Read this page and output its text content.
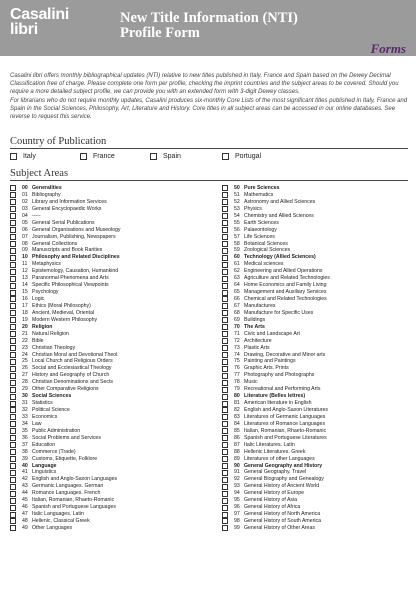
Casalini
libri
New Title Information (NTI)
Profile Form
Forms

Casalini libri offers monthly bibliographical updates (NTI) relative to new titles published in Italy, France and Spain based on the Dewey Decimal Classification free of charge. Please complete one form per profile, checking the imprint countries and the subject areas to be covered. Should you require a more detailed subject profile, we can provide you with an extended form with 3-digit Dewey classes.

For librarians who do not require monthly updates, Casalini produces six-monthly Core Lists of the most significant titles published in Italy, France and Spain in the Social Sciences, Philosophy, Art, Literature and History. Core titles in all subject areas can be accessed in our online databases. See reverse to request this service.

Country of Publication
Italy	France	Spain	Portugal
Subject Areas
00 Generalities
01 Bibliography
02 Library and Information Services
03 General Encyclopaedic Works
04 -----
05 General Serial Publications
06 General Organisations and Museology
07 Journalism, Publishing, Newspapers
08 General Collections
09 Manuscripts and Book Rarities
10 Philosophy and Related Disciplines
11 Metaphysics
12 Epistemology, Causation, Humankind
13 Paranormal Phenomena and Arts
14 Specific Philosophical Viewpoints
15 Psychology
16 Logic
17 Ethics (Moral Philosophy)
18 Ancient, Medieval, Oriental
19 Modern Western Philosophy
20 Religion
21 Natural Religion
22 Bible
23 Christian Theology
24 Christian Moral and Devotional Theol.
25 Local Church and Religious Orders
26 Social and Ecclesiastical Theology
27 History and Geography of Church
28 Christian Denominations and Sects
29 Other Comparative Religions
30 Social Sciences
31 Statistics
32 Political Science
33 Economics
34 Law
35 Public Administration
36 Social Problems and Services
37 Education
38 Commerce (Trade)
39 Customs, Etiquette, Folklore
40 Language
41 Linguistics
42 English and Anglo-Saxon Languages
43 Germanic Languages. German
44 Romance Languages. French
45 Italian, Romanian, Rhaeto-Romanic
46 Spanish and Portuguese Languages
47 Italic Languages. Latin
48 Hellenic, Classical Greek
49 Other Languages
50 Pure Sciences
51 Mathematics
52 Astronomy and Allied Sciences
53 Physics
54 Chemistry and Allied Sciences
55 Earth Sciences
56 Palaeontology
57 Life Sciences
58 Botanical Sciences
59 Zoological Sciences
60 Technology (Allied Sciences)
61 Medical sciences
62 Engineering and Allied Operations
63 Agriculture and Related Technologies
64 Home Economics and Family Living
65 Management and Auxiliary Services
66 Chemical and Related Technologies
67 Manufactures
68 Manufacture for Specific Uses
69 Buildings
70 The Arts
71 Civic and Landscape Art
72 Architecture
73 Plastic Arts
74 Drawing, Decorative and Minor arts
75 Painting and Paintings
76 Graphic Arts. Prints
77 Photography and Photographs
78 Music
79 Recreational and Performing Arts
80 Literature (Belles lettres)
81 American literature in English
82 English and Anglo-Saxon Literatures
83 Literatures of Germanic Languages
84 Literatures of Romance Languages
85 Italian, Romanian, Rhaeto-Romanic
86 Spanish and Portuguese Literatures
87 Italic Literatures. Latin
88 Hellenic Literatures. Greek
89 Literatures of other Languages
90 General Geography and History
91 General Geography. Travel
92 General Biography and Genealogy
93 General History of Ancient World
94 General History of Europe
95 General History of Asia
96 General History of Africa
97 General History of North America
98 General History of South America
99 General History of Other Areas
